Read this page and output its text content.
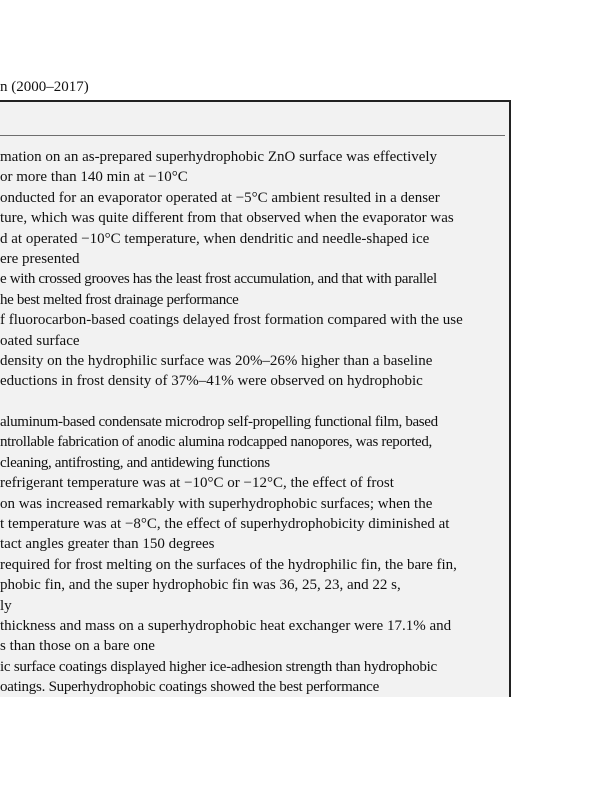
n (2000–2017)
mation on an as-prepared superhydrophobic ZnO surface was effectively
or more than 140 min at −10°C
onducted for an evaporator operated at −5°C ambient resulted in a denser
ture, which was quite different from that observed when the evaporator was
d at operated −10°C temperature, when dendritic and needle-shaped ice
ere presented
e with crossed grooves has the least frost accumulation, and that with parallel
he best melted frost drainage performance
f fluorocarbon-based coatings delayed frost formation compared with the use
oated surface
density on the hydrophilic surface was 20%–26% higher than a baseline
eductions in frost density of 37%–41% were observed on hydrophobic
aluminum-based condensate microdrop self-propelling functional film, based
ntrollable fabrication of anodic alumina rodcapped nanopores, was reported,
cleaning, antifrosting, and antidewing functions
refrigerant temperature was at −10°C or −12°C, the effect of frost
on was increased remarkably with superhydrophobic surfaces; when the
t temperature was at −8°C, the effect of superhydrophobicity diminished at
tact angles greater than 150 degrees
required for frost melting on the surfaces of the hydrophilic fin, the bare fin,
phobic fin, and the super hydrophobic fin was 36, 25, 23, and 22 s,
ly
thickness and mass on a superhydrophobic heat exchanger were 17.1% and
s than those on a bare one
ic surface coatings displayed higher ice-adhesion strength than hydrophobic
oatings. Superhydrophobic coatings showed the best performance
